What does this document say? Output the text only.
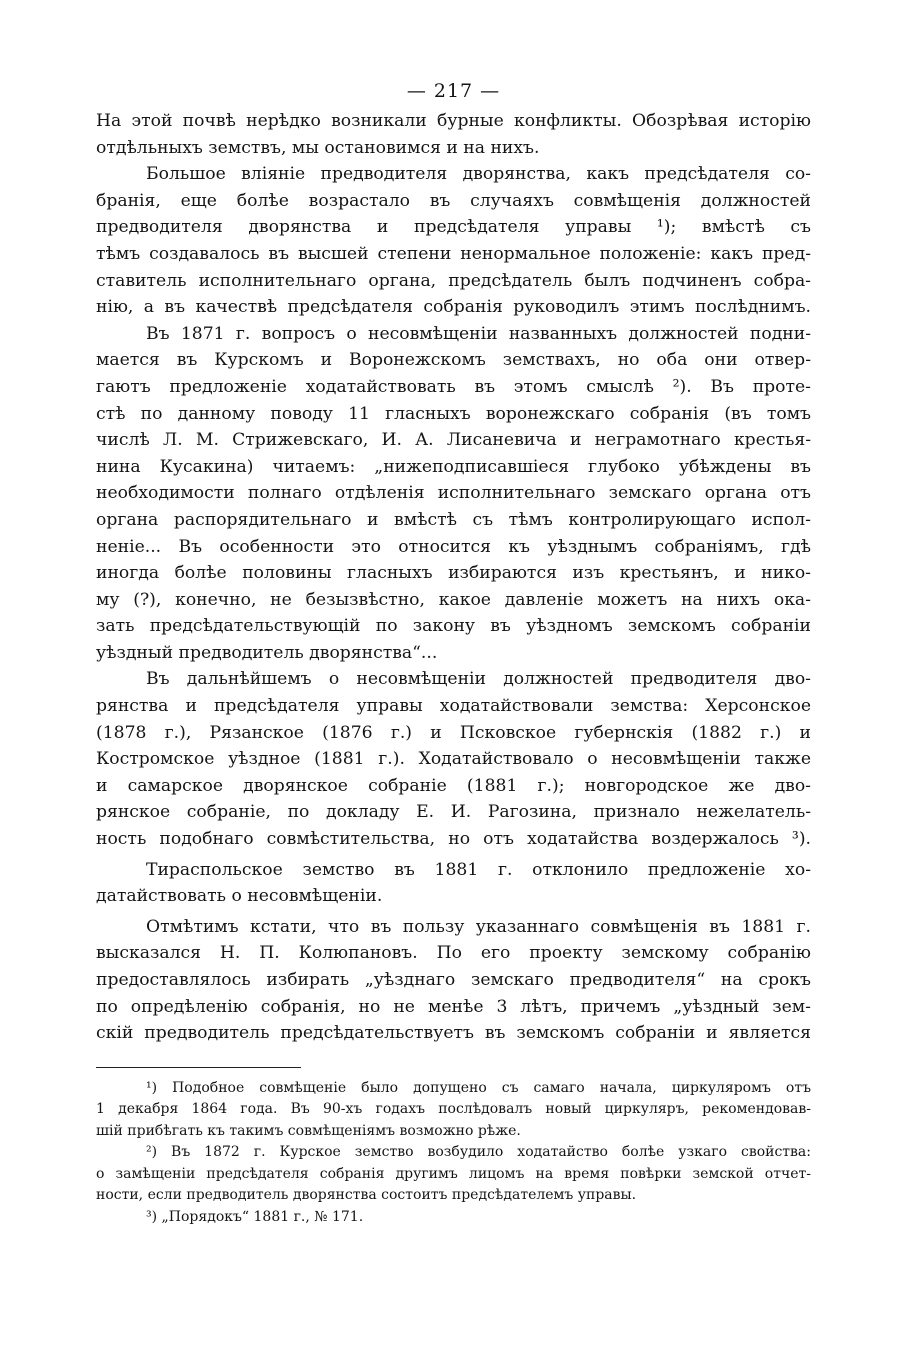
— 217 —
На этой почвѣ нерѣдко возникали бурные конфликты. Обозрѣвая исторію
отдѣльныхъ земствъ, мы остановимся и на нихъ.
Большое вліяніе предводителя дворянства, какъ предсѣдателя со-
бранія, еще болѣе возрастало въ случаяхъ совмѣщенія должностей
предводителя дворянства и предсѣдателя управы ¹); вмѣстѣ съ
тѣмъ создавалось въ высшей степени ненормальное положеніе: какъ пред-
ставитель исполнительнаго органа, предсѣдатель былъ подчиненъ собра-
нію, а въ качествѣ предсѣдателя собранія руководилъ этимъ послѣднимъ.
Въ 1871 г. вопросъ о несовмѣщеніи названныхъ должностей подни-
мается въ Курскомъ и Воронежскомъ земствахъ, но оба они отвер-
гаютъ предложеніе ходатайствовать въ этомъ смыслѣ ²). Въ проте-
стѣ по данному поводу 11 гласныхъ воронежскаго собранія (въ томъ
числѣ Л. М. Стрижевскаго, И. А. Лисаневича и неграмотнаго крестья-
нина Кусакина) читаемъ: „нижеподписавшіеся глубоко убѣждены въ
необходимости полнаго отдѣленія исполнительнаго земскаго органа отъ
органа распорядительнаго и вмѣстѣ съ тѣмъ контролирующаго испол-
неніе... Въ особенности это относится къ уѣзднымъ собраніямъ, гдѣ
иногда болѣе половины гласныхъ избираются изъ крестьянъ, и нико-
му (?), конечно, не безызвѣстно, какое давленіе можетъ на нихъ ока-
зать предсѣдательствующій по закону въ уѣздномъ земскомъ собраніи
уѣздный предводитель дворянства“...
Въ дальнѣйшемъ о несовмѣщеніи должностей предводителя дво-
рянства и предсѣдателя управы ходатайствовали земства: Херсонское
(1878 г.), Рязанское (1876 г.) и Псковское губернскія (1882 г.) и
Костромское уѣздное (1881 г.). Ходатайствовало о несовмѣщеніи также
и самарское дворянское собраніе (1881 г.); новгородское же дво-
рянское собраніе, по докладу Е. И. Рагозина, признало нежелатель-
ность подобнаго совмѣстительства, но отъ ходатайства воздержалось ³).
Тираспольское земство въ 1881 г. отклонило предложеніе хо-
датайствовать о несовмѣщеніи.
Отмѣтимъ кстати, что въ пользу указаннаго совмѣщенія въ 1881 г.
высказался Н. П. Колюпановъ. По его проекту земскому собранію
предоставлялось избирать „уѣзднаго земскаго предводителя“ на срокъ
по опредѣленію собранія, но не менѣе 3 лѣтъ, причемъ „уѣздный зем-
скій предводитель предсѣдательствуетъ въ земскомъ собраніи и является
¹) Подобное совмѣщеніе было допущено съ самаго начала, циркуляромъ отъ
1 декабря 1864 года. Въ 90-хъ годахъ послѣдовалъ новый циркуляръ, рекомендовав-
шій прибѣгать къ такимъ совмѣщеніямъ возможно рѣже.
²) Въ 1872 г. Курское земство возбудило ходатайство болѣе узкаго свойства:
о замѣщеніи предсѣдателя собранія другимъ лицомъ на время повѣрки земской отчет-
ности, если предводитель дворянства состоитъ предсѣдателемъ управы.
³) „Порядокъ“ 1881 г., № 171.
